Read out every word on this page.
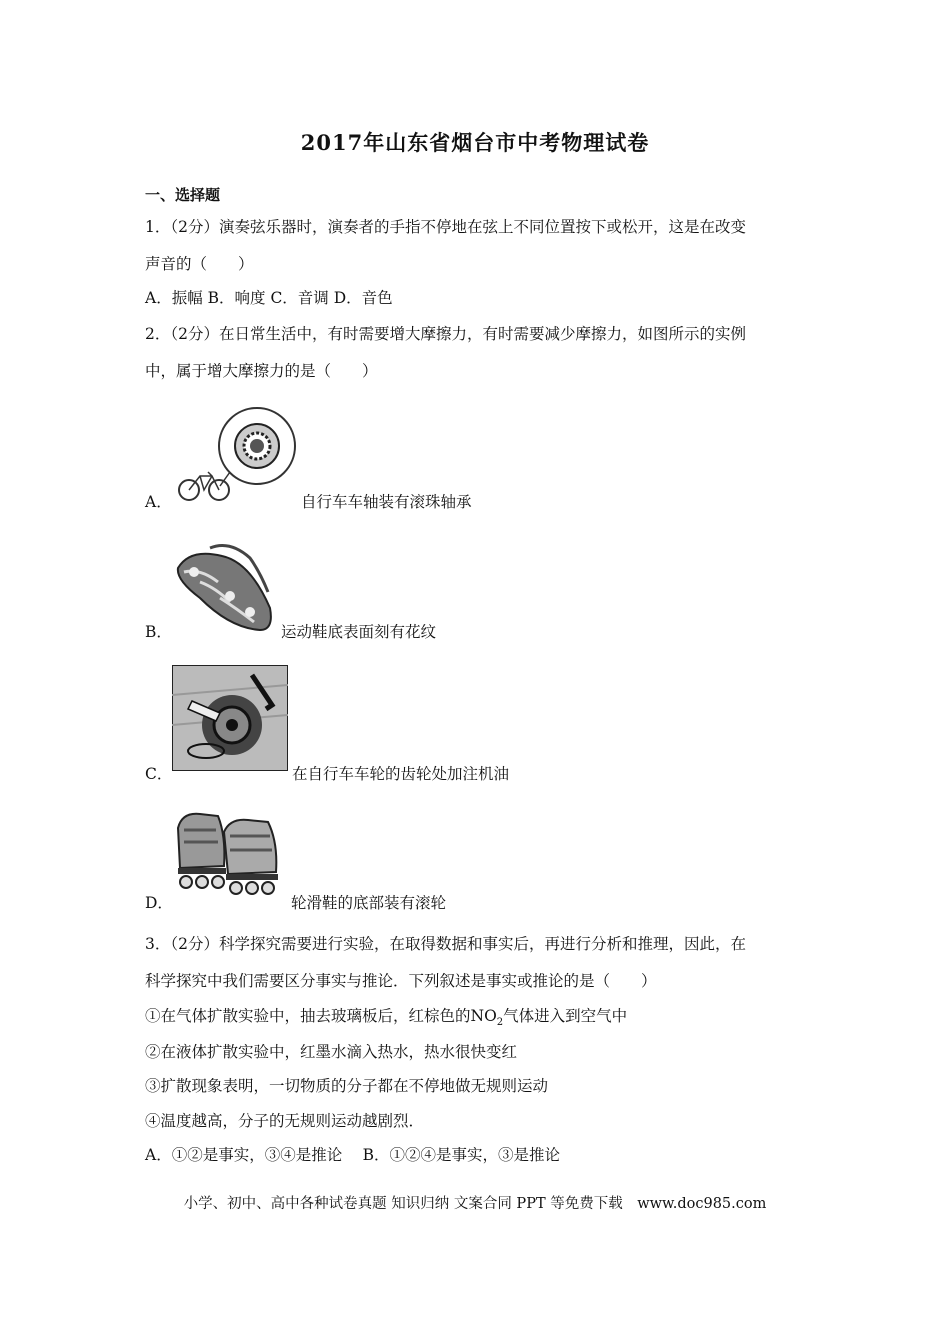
2017年山东省烟台市中考物理试卷
一、选择题
1．（2分）演奏弦乐器时，演奏者的手指不停地在弦上不同位置按下或松开，这是在改变
声音的（　　）
A．振幅 B．响度 C．音调 D．音色
2．（2分）在日常生活中，有时需要增大摩擦力，有时需要减少摩擦力，如图所示的实例
中，属于增大摩擦力的是（　　）
A．	自行车车轴装有滚珠轴承
B．	运动鞋底表面刻有花纹
C．	在自行车车轮的齿轮处加注机油
D．	轮滑鞋的底部装有滚轮
3．（2分）科学探究需要进行实验，在取得数据和事实后，再进行分析和推理，因此，在
科学探究中我们需要区分事实与推论．下列叙述是事实或推论的是（　　）
①在气体扩散实验中，抽去玻璃板后，红棕色的$NO_2$气体进入到空气中
②在液体扩散实验中，红墨水滴入热水，热水很快变红
③扩散现象表明，一切物质的分子都在不停地做无规则运动
④温度越高，分子的无规则运动越剧烈．
A．①②是事实，③④是推论　 B．①②④是事实，③是推论
小学、初中、高中各种试卷真题 知识归纳 文案合同 PPT 等免费下载　www.doc985.com
